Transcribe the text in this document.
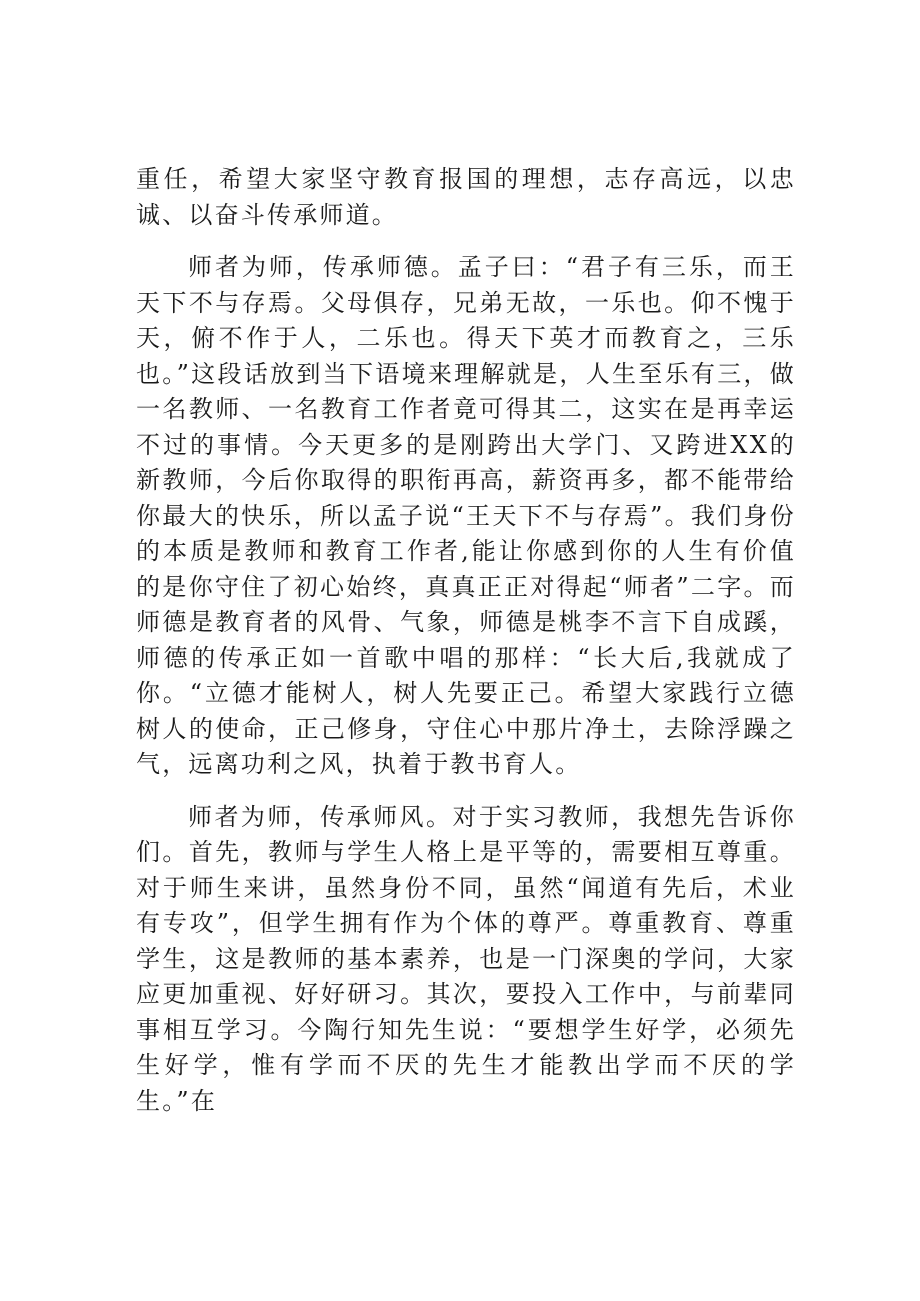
重任，希望大家坚守教育报国的理想，志存高远，以忠诚、以奋斗传承师道。

师者为师，传承师德。孟子曰：“君子有三乐，而王天下不与存焉。父母俱存，兄弟无故，一乐也。仰不愧于天，俯不作于人，二乐也。得天下英才而教育之，三乐也。”这段话放到当下语境来理解就是，人生至乐有三，做一名教师、一名教育工作者竟可得其二，这实在是再幸运不过的事情。今天更多的是刚跨出大学门、又跨进XX的新教师，今后你取得的职衔再高，薪资再多，都不能带给你最大的快乐，所以孟子说“王天下不与存焉”。我们身份的本质是教师和教育工作者,能让你感到你的人生有价值的是你守住了初心始终，真真正正对得起“师者”二字。而师德是教育者的风骨、气象，师德是桃李不言下自成蹊，师德的传承正如一首歌中唱的那样：“长大后,我就成了你。“立德才能树人，树人先要正己。希望大家践行立德树人的使命，正己修身，守住心中那片净土，去除浮躁之气，远离功利之风，执着于教书育人。

师者为师，传承师风。对于实习教师，我想先告诉你们。首先，教师与学生人格上是平等的，需要相互尊重。对于师生来讲，虽然身份不同，虽然“闻道有先后，术业有专攻”，但学生拥有作为个体的尊严。尊重教育、尊重学生，这是教师的基本素养，也是一门深奥的学问，大家应更加重视、好好研习。其次，要投入工作中，与前辈同事相互学习。今陶行知先生说：“要想学生好学，必须先生好学，惟有学而不厌的先生才能教出学而不厌的学生。”在
